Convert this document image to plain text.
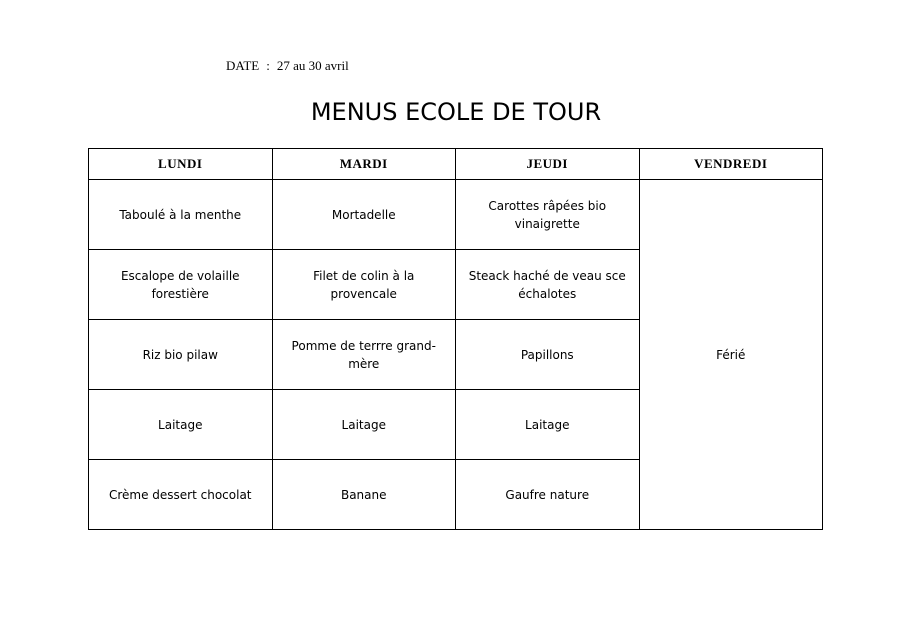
DATE : 27 au 30 avril
MENUS ECOLE DE TOUR
LUNDI	MARDI	JEUDI	VENDREDI
Taboulé à la menthe	Mortadelle	Carottes râpées bio vinaigrette	Férié
Escalope de volaille forestière	Filet de colin à la provencale	Steack haché de veau sce échalotes	
Riz bio pilaw	Pomme de terrre grand-mère	Papillons	
Laitage	Laitage	Laitage	
Crème dessert chocolat	Banane	Gaufre nature	
